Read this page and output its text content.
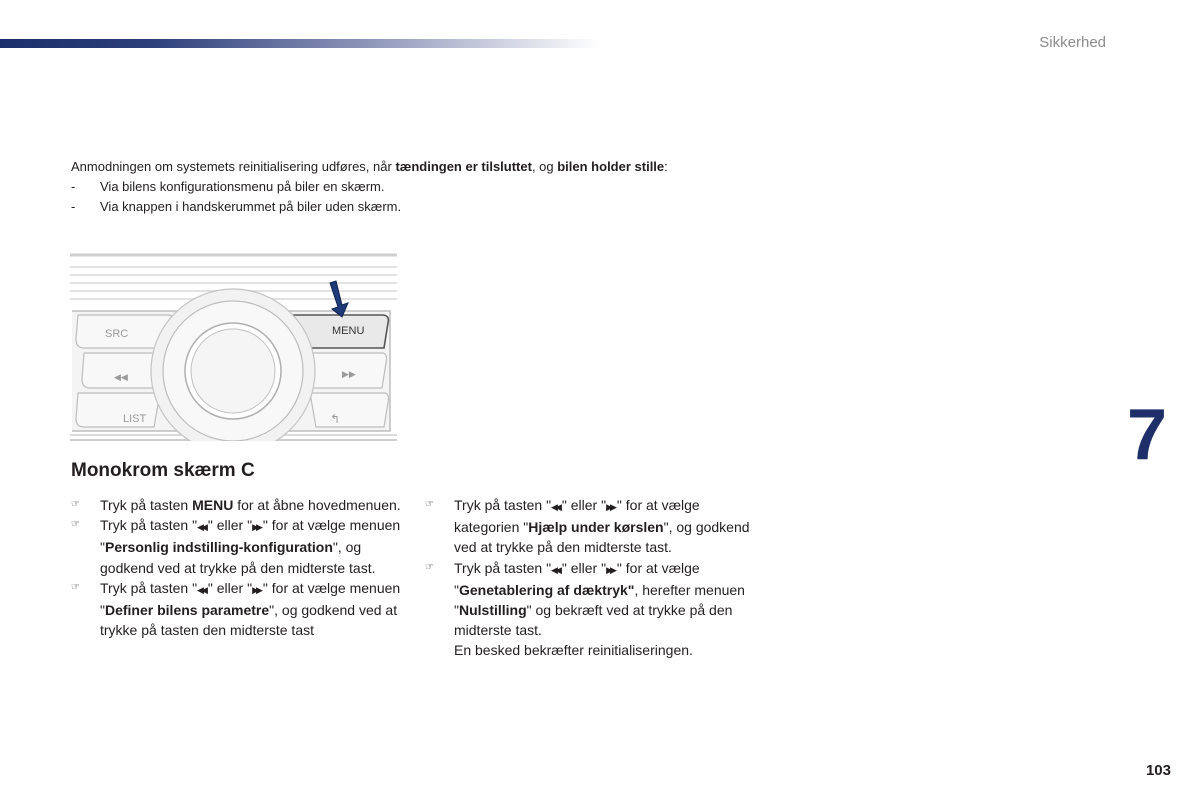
Sikkerhed

Anmodningen om systemets reinitialisering udføres, når tændingen er tilsluttet, og bilen holder stille:

- Via bilens konfigurationsmenu på biler en skærm.
- Via knappen i handskerummet på biler uden skærm.
SRC
◀◀
LIST
MENU
▶▶
↰
Monokrom skærm C
☞ Tryk på tasten MENU for at åbne hovedmenuen.
☞ Tryk på tasten "◀◀ " eller "▶▶ " for at vælge menuen "Personlig indstilling-konfiguration", og godkend ved at trykke på den midterste tast.
☞ Tryk på tasten "◀◀ " eller "▶▶ " for at vælge menuen "Definer bilens parametre", og godkend ved at trykke på tasten den midterste tast
☞ Tryk på tasten "◀◀ " eller "▶▶ " for at vælge kategorien "Hjælp under kørslen", og godkend ved at trykke på den midterste tast.
☞ Tryk på tasten "◀◀ " eller "▶▶ " for at vælge "Genetablering af dæktryk", herefter menuen "Nulstilling" og bekræft ved at trykke på den midterste tast.
En besked bekræfter reinitialiseringen.
7
103
